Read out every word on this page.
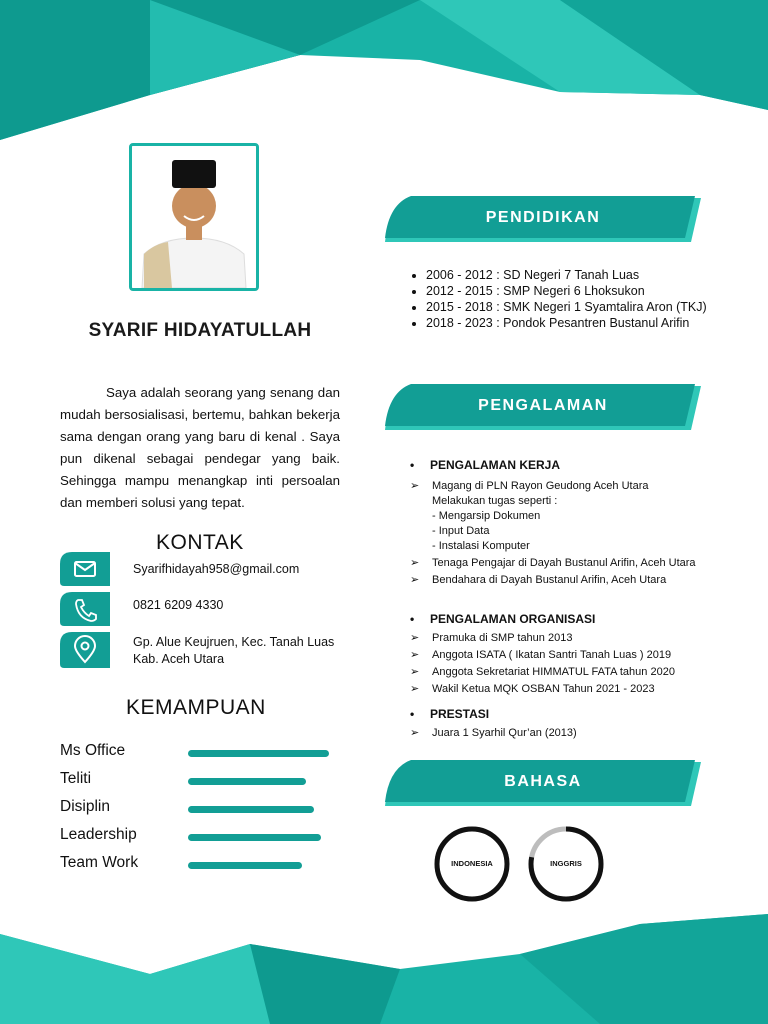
SYARIF HIDAYATULLAH
Saya adalah seorang yang senang dan mudah bersosialisasi, bertemu, bahkan bekerja sama dengan orang yang baru di kenal . Saya pun dikenal sebagai pendegar yang baik. Sehingga mampu menangkap inti persoalan dan memberi solusi yang tepat.
KONTAK
Syarifhidayah958@gmail.com
0821 6209 4330
Gp. Alue Keujruen, Kec. Tanah Luas
Kab. Aceh Utara
KEMAMPUAN
Ms Office
Teliti
Disiplin
Leadership
Team Work
PENDIDIKAN
• 2006 - 2012 : SD Negeri 7 Tanah Luas
• 2012 - 2015 : SMP Negeri 6 Lhoksukon
• 2015 - 2018 : SMK Negeri 1 Syamtalira Aron (TKJ)
• 2018 - 2023 : Pondok Pesantren Bustanul Arifin
PENGALAMAN
• PENGALAMAN KERJA
➢ Magang di PLN Rayon Geudong Aceh Utara
Melakukan tugas seperti :
- Mengarsip Dokumen
- Input Data
- Instalasi Komputer
➢ Tenaga Pengajar di Dayah Bustanul Arifin, Aceh Utara
➢ Bendahara di Dayah Bustanul Arifin, Aceh Utara
• PENGALAMAN ORGANISASI
➢ Pramuka di SMP tahun 2013
➢ Anggota ISATA ( Ikatan Santri Tanah Luas ) 2019
➢ Anggota Sekretariat HIMMATUL FATA tahun 2020
➢ Wakil Ketua MQK OSBAN Tahun 2021 - 2023
• PRESTASI
➢ Juara 1 Syarhil Qur’an (2013)
BAHASA
INDONESIA	INGGRIS
